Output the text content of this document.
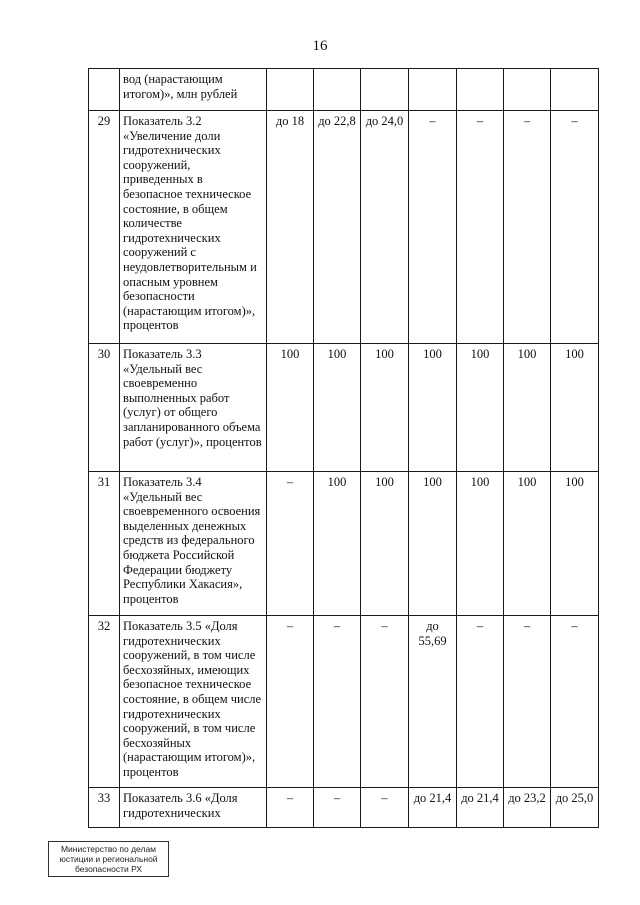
16
	вод (нарастающим итогом)», млн рублей							
29	Показатель 3.2 «Увеличение доли гидротехнических сооружений, приведенных в безопасное техническое состояние, в общем количестве гидротехнических сооружений с неудовлетворительным и опасным уровнем безопасности (нарастающим итогом)», процентов	до 18	до 22,8	до 24,0	–	–	–	–
30	Показатель 3.3 «Удельный вес своевременно выполненных работ (услуг) от общего запланированного объема работ (услуг)», процентов	100	100	100	100	100	100	100
31	Показатель 3.4 «Удельный вес своевременного освоения выделенных денежных средств из федерального бюджета Российской Федерации бюджету Республики Хакасия», процентов	–	100	100	100	100	100	100
32	Показатель 3.5 «Доля гидротехнических сооружений, в том числе бесхозяйных, имеющих безопасное техническое состояние, в общем числе гидротехнических сооружений, в том числе бесхозяйных (нарастающим итогом)», процентов	–	–	–	до 55,69	–	–	–
33	Показатель 3.6 «Доля гидротехнических	–	–	–	до 21,4	до 21,4	до 23,2	до 25,0
Министерство по делам
юстиции и региональной
безопасности РХ
